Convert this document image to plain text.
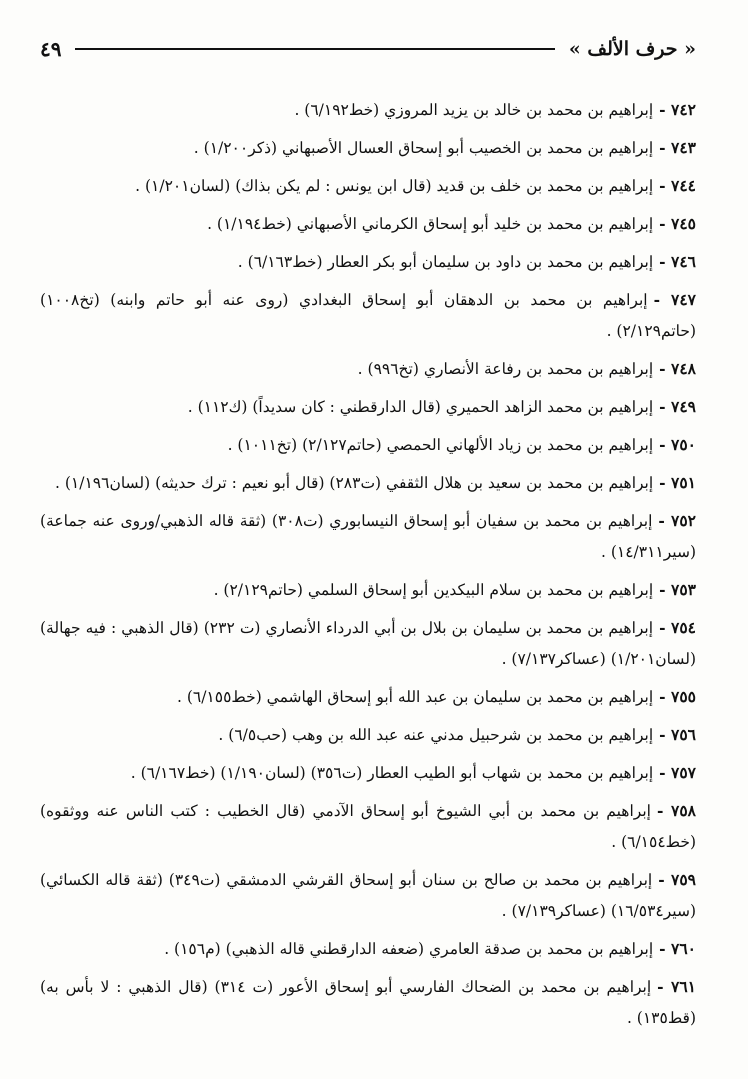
« حرف الألف »
٤٩
٧٤٢ -إبراهيم بن محمد بن خالد بن يزيد المروزي (خط٦/١٩٢) .
٧٤٣ -إبراهيم بن محمد بن الخصيب أبو إسحاق العسال الأصبهاني (ذكر١/٢٠٠) .
٧٤٤ -إبراهيم بن محمد بن خلف بن قديد (قال ابن يونس : لم يكن بذاك) (لسان١/٢٠١) .
٧٤٥ -إبراهيم بن محمد بن خليد أبو إسحاق الكرماني الأصبهاني (خط١/١٩٤) .
٧٤٦ -إبراهيم بن محمد بن داود بن سليمان أبو بكر العطار (خط٦/١٦٣) .
٧٤٧ -إبراهيم بن محمد بن الدهقان أبو إسحاق البغدادي (روى عنه أبو حاتم وابنه) (تخ١٠٠٨) (حاتم٢/١٢٩) .
٧٤٨ -إبراهيم بن محمد بن رفاعة الأنصاري (تخ٩٩٦) .
٧٤٩ -إبراهيم بن محمد الزاهد الحميري (قال الدارقطني : كان سديداً) (ك١١٢) .
٧٥٠ -إبراهيم بن محمد بن زياد الألهاني الحمصي (حاتم٢/١٢٧) (تخ١٠١١) .
٧٥١ -إبراهيم بن محمد بن سعيد بن هلال الثقفي (ت٢٨٣) (قال أبو نعيم : ترك حديثه) (لسان١/١٩٦) .
٧٥٢ -إبراهيم بن محمد بن سفيان أبو إسحاق النيسابوري (ت٣٠٨) (ثقة قاله الذهبي/وروى عنه جماعة) (سير١٤/٣١١) .
٧٥٣ -إبراهيم بن محمد بن سلام البيكدين أبو إسحاق السلمي (حاتم٢/١٢٩) .
٧٥٤ -إبراهيم بن محمد بن سليمان بن بلال بن أبي الدرداء الأنصاري (ت ٢٣٢) (قال الذهبي : فيه جهالة) (لسان١/٢٠١) (عساكر٧/١٣٧) .
٧٥٥ -إبراهيم بن محمد بن سليمان بن عبد الله أبو إسحاق الهاشمي (خط٦/١٥٥) .
٧٥٦ -إبراهيم بن محمد بن شرحبيل مدني عنه عبد الله بن وهب (حب٦/٥) .
٧٥٧ -إبراهيم بن محمد بن شهاب أبو الطيب العطار (ت٣٥٦) (لسان١/١٩٠) (خط٦/١٦٧) .
٧٥٨ -إبراهيم بن محمد بن أبي الشيوخ أبو إسحاق الآدمي (قال الخطيب : كتب الناس عنه ووثقوه) (خط٦/١٥٤) .
٧٥٩ -إبراهيم بن محمد بن صالح بن سنان أبو إسحاق القرشي الدمشقي (ت٣٤٩) (ثقة قاله الكسائي) (سير١٦/٥٣٤) (عساكر٧/١٣٩) .
٧٦٠ -إبراهيم بن محمد بن صدقة العامري (ضعفه الدارقطني قاله الذهبي) (م١٥٦) .
٧٦١ -إبراهيم بن محمد بن الضحاك الفارسي أبو إسحاق الأعور (ت ٣١٤) (قال الذهبي : لا بأس به) (قط١٣٥) .
